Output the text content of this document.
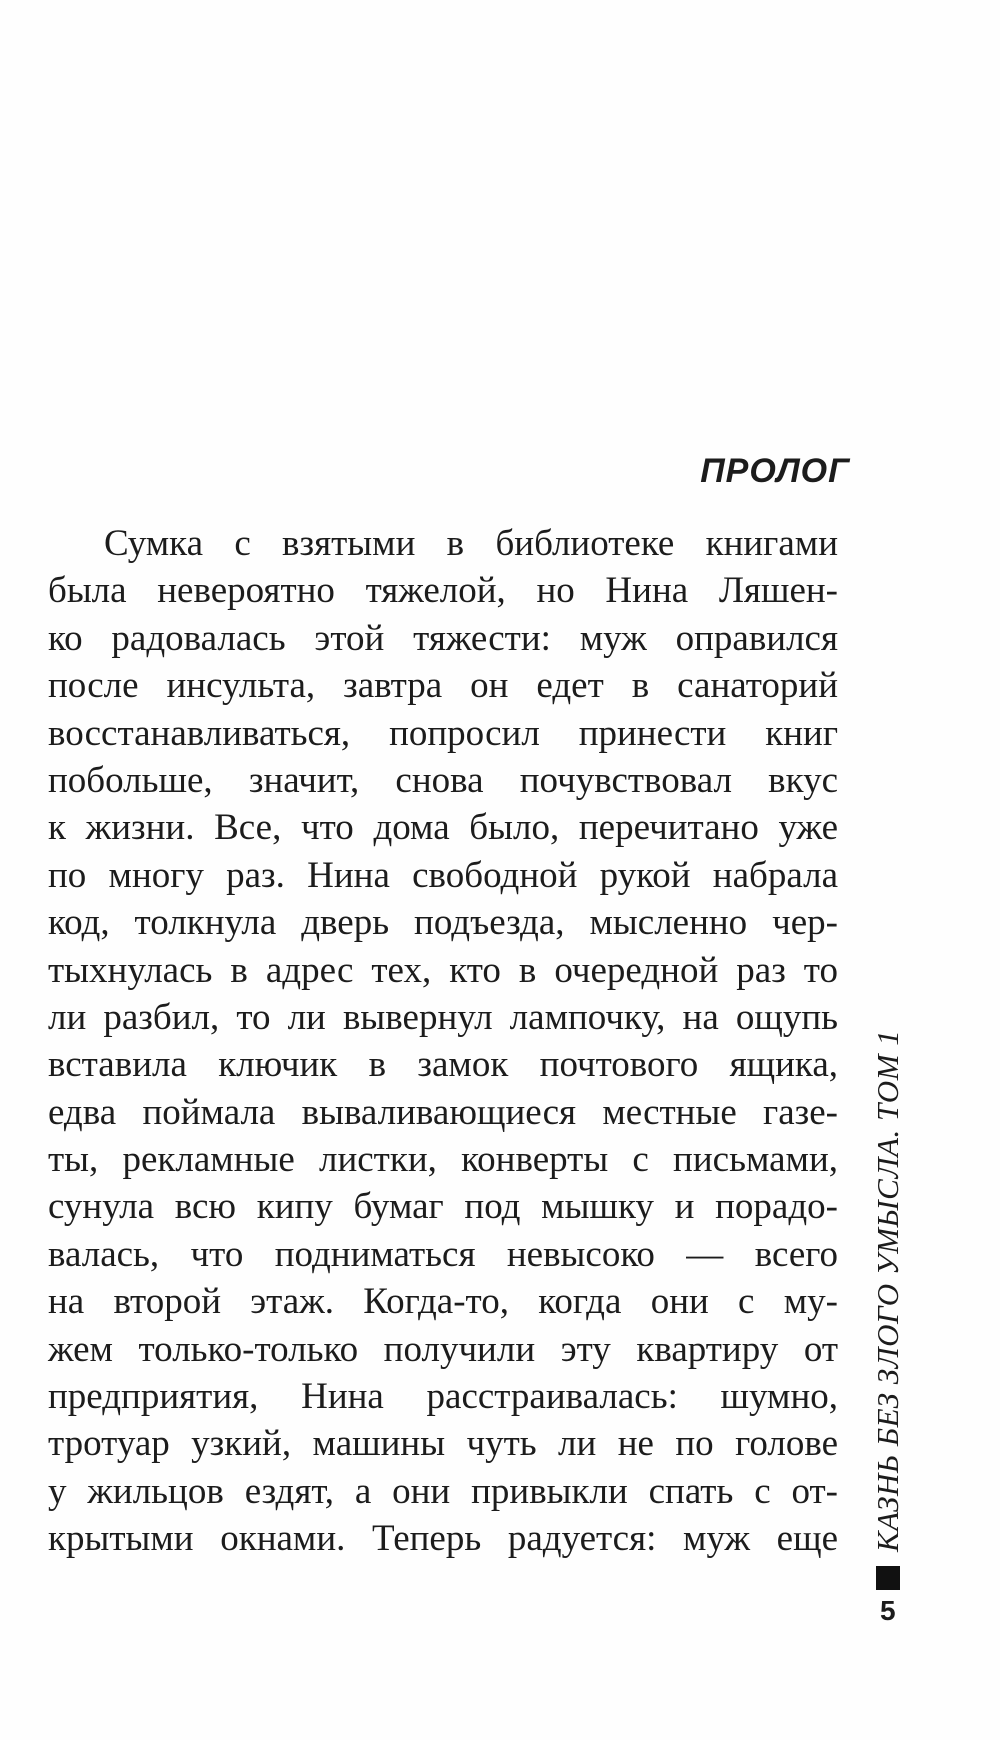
ПРОЛОГ
Сумка с взятыми в библиотеке книгами
была невероятно тяжелой, но Нина Ляшен-
ко радовалась этой тяжести: муж оправился
после инсульта, завтра он едет в санаторий
восстанавливаться, попросил принести книг
побольше, значит, снова почувствовал вкус
к жизни. Все, что дома было, перечитано уже
по многу раз. Нина свободной рукой набрала
код, толкнула дверь подъезда, мысленно чер-
тыхнулась в адрес тех, кто в очередной раз то
ли разбил, то ли вывернул лампочку, на ощупь
вставила ключик в замок почтового ящика,
едва поймала вываливающиеся местные газе-
ты, рекламные листки, конверты с письмами,
сунула всю кипу бумаг под мышку и порадо-
валась, что подниматься невысоко — всего
на второй этаж. Когда-то, когда они с му-
жем только-только получили эту квартиру от
предприятия, Нина расстраивалась: шумно,
тротуар узкий, машины чуть ли не по голове
у жильцов ездят, а они привыкли спать с от-
крытыми окнами. Теперь радуется: муж еще КАЗНЬ БЕЗ ЗЛОГО УМЫСЛА. ТОМ 1
5
